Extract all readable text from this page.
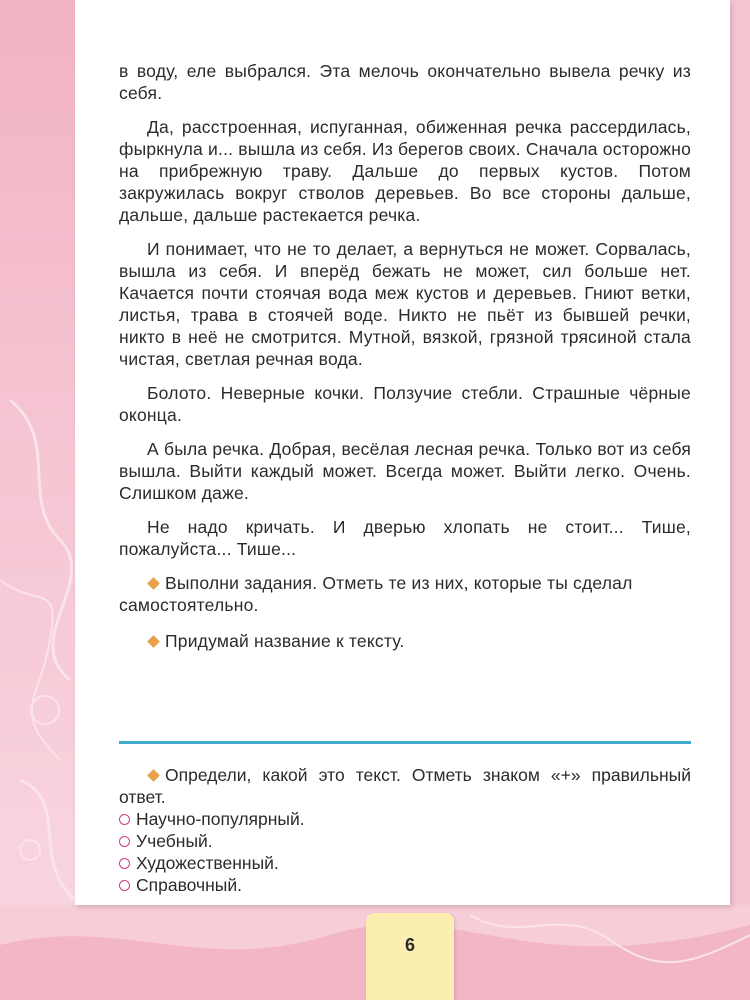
в воду, еле выбрался. Эта мелочь окончательно вывела речку из себя.

Да, расстроенная, испуганная, обиженная речка рассердилась, фыркнула и... вышла из себя. Из берегов своих. Сначала осторожно на прибрежную траву. Дальше до первых кустов. Потом закружилась вокруг стволов деревьев. Во все стороны дальше, дальше, дальше растекается речка.

И понимает, что не то делает, а вернуться не может. Сорвалась, вышла из себя. И вперёд бежать не может, сил больше нет. Качается почти стоячая вода меж кустов и деревьев. Гниют ветки, листья, трава в стоячей воде. Никто не пьёт из бывшей речки, никто в неё не смотрится. Мутной, вязкой, грязной трясиной стала чистая, светлая речная вода.

Болото. Неверные кочки. Ползучие стебли. Страшные чёрные оконца.

А была речка. Добрая, весёлая лесная речка. Только вот из себя вышла. Выйти каждый может. Всегда может. Выйти легко. Очень. Слишком даже.

Не надо кричать. И дверью хлопать не стоит... Тише, пожалуйста... Тише...

Выполни задания. Отметь те из них, которые ты сделал самостоятельно.

Придумай название к тексту.

Определи, какой это текст. Отметь знаком «+» правильный ответ.

Научно-популярный.
Учебный.
Художественный.
Справочный.
6
